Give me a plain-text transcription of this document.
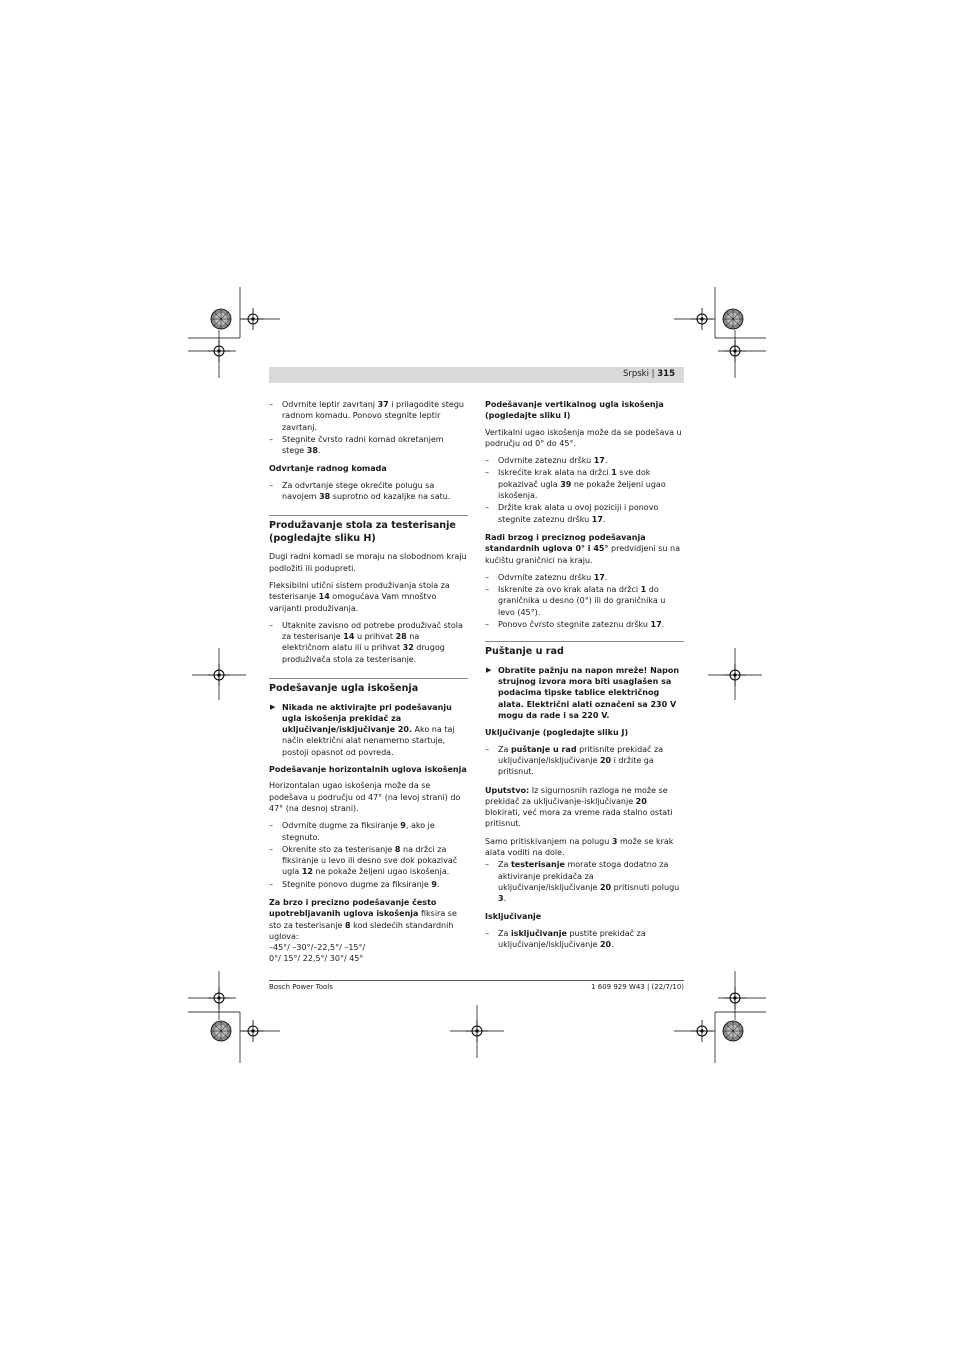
Srpski | 315
– Odvrnite leptir zavrtanj 37 i prilagodite stegu radnom komadu. Ponovo stegnite leptir zavrtanj.
– Stegnite čvrsto radni komad okretanjem stege 38.
Odvrtanje radnog komada
– Za odvrtanje stege okrećite polugu sa navojem 38 suprotno od kazaljke na satu.
Produžavanje stola za testerisanje (pogledajte sliku H)

Dugi radni komadi se moraju na slobodnom kraju podložiti ili podupreti.

Fleksibilni utični sistem produživanja stola za testerisanje 14 omogućava Vam mnoštvo varijanti produživanja.

– Utaknite zavisno od potrebe produživač stola za testerisanje 14 u prihvat 28 na električnom alatu ili u prihvat 32 drugog produživača stola za testerisanje.
Podešavanje ugla iskošenja
▶ Nikada ne aktivirajte pri podešavanju ugla iskošenja prekidač za uključivanje/isključivanje 20. Ako na taj način električni alat nenamerno startuje, postoji opasnot od povreda.
Podešavanje horizontalnih uglova iskošenja

Horizontalan ugao iskošenja može da se podešava u području od 47° (na levoj strani) do 47° (na desnoj strani).

– Odvrnite dugme za fiksiranje 9, ako je stegnuto.
– Okrenite sto za testerisanje 8 na držci za fiksiranje u levo ili desno sve dok pokazivač ugla 12 ne pokaže željeni ugao iskošenja.
– Stegnite ponovo dugme za fiksiranje 9.

Za brzo i precizno podešavanje često upotrebljavanih uglova iskošenja fiksira se sto za testerisanje 8 kod sledećih standardnih uglova:

–45°/ –30°/–22,5°/ –15°/
0°/ 15°/ 22,5°/ 30°/ 45°
Podešavanje vertikalnog ugla iskošenja (pogledajte sliku I)

Vertikalni ugao iskošenja može da se podešava u području od 0° do 45°.

– Odvrnite zateznu dršku 17.
– Iskrećite krak alata na držci 1 sve dok pokazivač ugla 39 ne pokaže željeni ugao iskošenja.
– Držite krak alata u ovoj poziciji i ponovo stegnite zateznu dršku 17.

Radi brzog i preciznog podešavanja standardnih uglova 0° i 45° predvidjeni su na kućištu graničnici na kraju.

– Odvrnite zateznu dršku 17.
– Iskrenite za ovo krak alata na držci 1 do graničnika u desno (0°) ili do graničnika u levo (45°).
– Ponovo čvrsto stegnite zateznu dršku 17.
Puštanje u rad
▶ Obratite pažnju na napon mreže! Napon strujnog izvora mora biti usaglašen sa podacima tipske tablice električnog alata. Električni alati označeni sa 230 V mogu da rade i sa 220 V.
Uključivanje (pogledajte sliku J)
– Za puštanje u rad pritisnite prekidač za uključivanje/isključivanje 20 i držite ga pritisnut.

Uputstvo: Iz sigurnosnih razloga ne može se prekidač za uključivanje-isključivanje 20 blokirati, već mora za vreme rada stalno ostati pritisnut.

Samo pritiskivanjem na polugu 3 može se krak alata voditi na dole.

– Za testerisanje morate stoga dodatno za aktiviranje prekidača za uključivanje/isključivanje 20 pritisnuti polugu 3.
Isključivanje
– Za isključivanje pustite prekidač za uključivanje/isključivanje 20.
Bosch Power Tools	1 609 929 W43 | (22/7/10)
